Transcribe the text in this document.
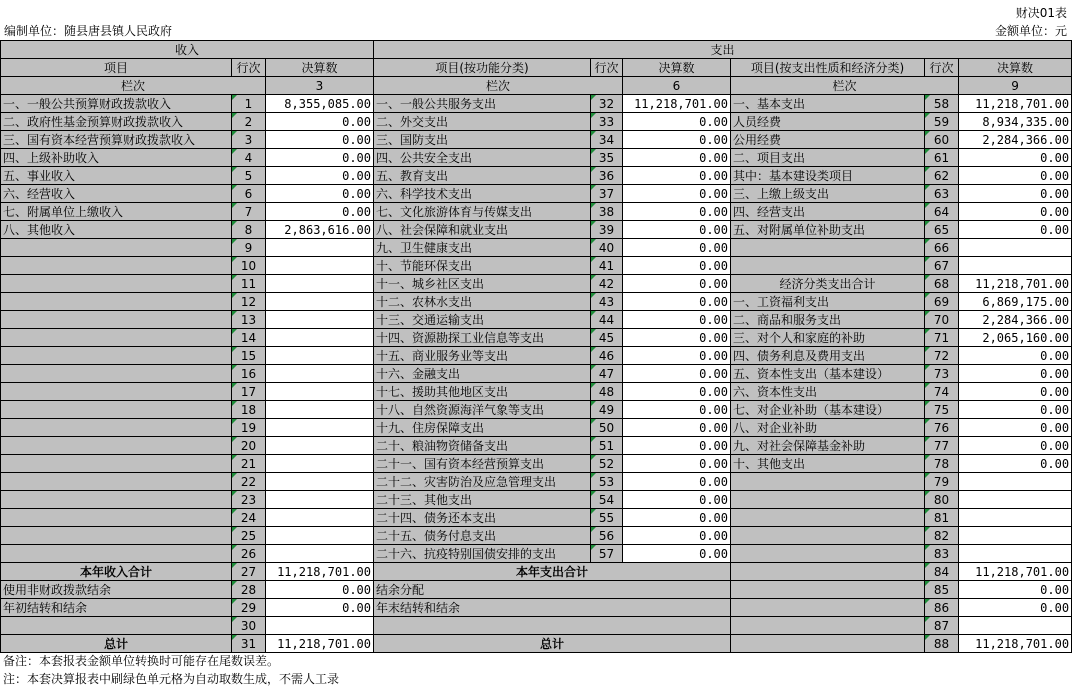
财决01表
编制单位：随县唐县镇人民政府	金额单位：元
收入			支出					
项目	行次	决算数	项目(按功能分类)	行次	决算数	项目(按支出性质和经济分类)	行次	决算数
栏次		3	栏次		6	栏次		9
一、一般公共预算财政拨款收入	1	8,355,085.00	一、一般公共服务支出	32	11,218,701.00	一、基本支出	58	11,218,701.00
二、政府性基金预算财政拨款收入	2	0.00	二、外交支出	33	0.00	人员经费	59	8,934,335.00
三、国有资本经营预算财政拨款收入	3	0.00	三、国防支出	34	0.00	公用经费	60	2,284,366.00
四、上级补助收入	4	0.00	四、公共安全支出	35	0.00	二、项目支出	61	0.00
五、事业收入	5	0.00	五、教育支出	36	0.00	其中：基本建设类项目	62	0.00
六、经营收入	6	0.00	六、科学技术支出	37	0.00	三、上缴上级支出	63	0.00
七、附属单位上缴收入	7	0.00	七、文化旅游体育与传媒支出	38	0.00	四、经营支出	64	0.00
八、其他收入	8	2,863,616.00	八、社会保障和就业支出	39	0.00	五、对附属单位补助支出	65	0.00
	9		九、卫生健康支出	40	0.00		66	
	10		十、节能环保支出	41	0.00		67	
	11		十一、城乡社区支出	42	0.00	经济分类支出合计	68	11,218,701.00
	12		十二、农林水支出	43	0.00	一、工资福利支出	69	6,869,175.00
	13		十三、交通运输支出	44	0.00	二、商品和服务支出	70	2,284,366.00
	14		十四、资源勘探工业信息等支出	45	0.00	三、对个人和家庭的补助	71	2,065,160.00
	15		十五、商业服务业等支出	46	0.00	四、债务利息及费用支出	72	0.00
	16		十六、金融支出	47	0.00	五、资本性支出（基本建设）	73	0.00
	17		十七、援助其他地区支出	48	0.00	六、资本性支出	74	0.00
	18		十八、自然资源海洋气象等支出	49	0.00	七、对企业补助（基本建设）	75	0.00
	19		十九、住房保障支出	50	0.00	八、对企业补助	76	0.00
	20		二十、粮油物资储备支出	51	0.00	九、对社会保障基金补助	77	0.00
	21		二十一、国有资本经营预算支出	52	0.00	十、其他支出	78	0.00
	22		二十二、灾害防治及应急管理支出	53	0.00		79	
	23		二十三、其他支出	54	0.00		80	
	24		二十四、债务还本支出	55	0.00		81	
	25		二十五、债务付息支出	56	0.00		82	
	26		二十六、抗疫特别国债安排的支出	57	0.00		83	
本年收入合计	27	11,218,701.00	本年支出合计				84	11,218,701.00
使用非财政拨款结余	28	0.00	结余分配				85	0.00
年初结转和结余	29	0.00	年末结转和结余				86	0.00
	30						87	
总计	31	11,218,701.00	总计				88	11,218,701.00
备注：本套报表金额单位转换时可能存在尾数误差。
注：本套决算报表中刷绿色单元格为自动取数生成，不需人工录
